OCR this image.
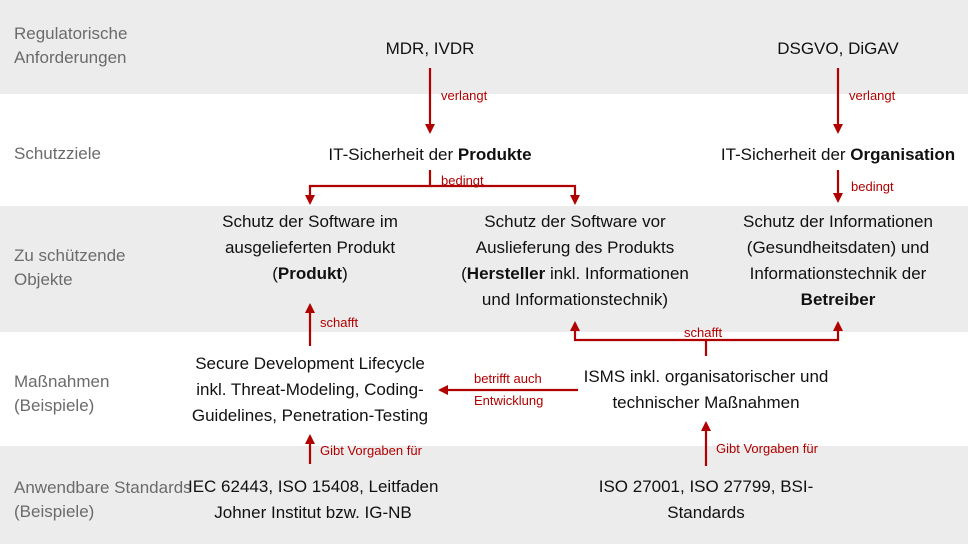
Regulatorische
Anforderungen
Schutzziele
Zu schützende
Objekte
Maßnahmen
(Beispiele)
Anwendbare Standards
(Beispiele)
MDR, IVDR	DSGVO, DiGAV
IT-Sicherheit der Produkte	IT-Sicherheit der Organisation
Schutz der Software im
ausgelieferten Produkt
(Produkt)
Schutz der Software vor
Auslieferung des Produkts
(Hersteller inkl. Informationen
und Informationstechnik)
Schutz der Informationen
(Gesundheitsdaten) und
Informationstechnik der
Betreiber
Secure Development Lifecycle
inkl. Threat-Modeling, Coding-
Guidelines, Penetration-Testing
ISMS inkl. organisatorischer und
technischer Maßnahmen
IEC 62443, ISO 15408, Leitfaden
Johner Institut bzw. IG-NB
ISO 27001, ISO 27799, BSI-
Standards
verlangt	verlangt
bedingt	bedingt
schafft
schafft
betrifft auch
Entwicklung
Gibt Vorgaben für	Gibt Vorgaben für
